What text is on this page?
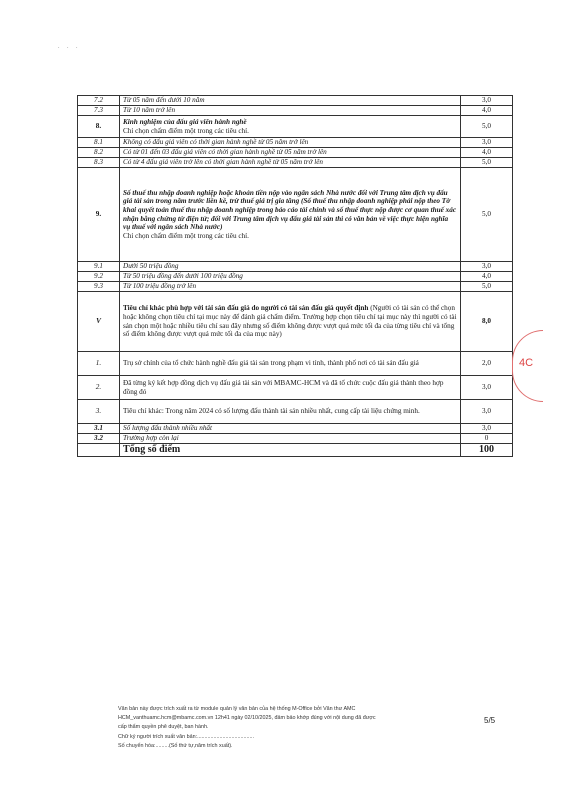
. . .
7.2	Từ 05 năm đến dưới 10 năm	3,0
7.3	Từ 10 năm trở lên	4,0
8.	Kinh nghiệm của đấu giá viên hành nghề
Chỉ chọn chấm điểm một trong các tiêu chí.	5,0
8.1	Không có đấu giá viên có thời gian hành nghề từ 05 năm trở lên	3,0
8.2	Có từ 01 đến 03 đấu giá viên có thời gian hành nghề từ 05 năm trở lên	4,0
8.3	Có từ 4 đấu giá viên trở lên có thời gian hành nghề từ 05 năm trở lên	5,0
9.	Số thuế thu nhập doanh nghiệp hoặc khoản tiền nộp vào ngân sách Nhà nước đối với Trung tâm dịch vụ đấu giá tài sản trong năm trước liền kề, trừ thuế giá trị gia tăng (Số thuế thu nhập doanh nghiệp phải nộp theo Tờ khai quyết toán thuế thu nhập doanh nghiệp trong báo cáo tài chính và số thuế thực nộp được cơ quan thuế xác nhận bằng chứng từ điện tử; đối với Trung tâm dịch vụ đấu giá tài sản thì có văn bản về việc thực hiện nghĩa vụ thuế với ngân sách Nhà nước)
Chỉ chọn chấm điểm một trong các tiêu chí.	5,0
9.1	Dưới 50 triệu đồng	3,0
9.2	Từ 50 triệu đồng đến dưới 100 triệu đồng	4,0
9.3	Từ 100 triệu đồng trở lên	5,0
V	Tiêu chí khác phù hợp với tài sản đấu giá do người có tài sản đấu giá quyết định (Người có tài sản có thể chọn hoặc không chọn tiêu chí tại mục này để đánh giá chấm điểm. Trường hợp chọn tiêu chí tại mục này thì người có tài sản chọn một hoặc nhiều tiêu chí sau đây nhưng số điểm không được vượt quá mức tối đa của từng tiêu chí và tổng số điểm không được vượt quá mức tối đa của mục này)	8,0
1.	Trụ sở chính của tổ chức hành nghề đấu giá tài sản trong phạm vi tỉnh, thành phố nơi có tài sản đấu giá	2,0
2.	Đã từng ký kết hợp đồng dịch vụ đấu giá tài sản với MBAMC-HCM và đã tổ chức cuộc đấu giá thành theo hợp đồng đó	3,0
3.	Tiêu chí khác: Trong năm 2024 có số lượng đấu thành tài sản nhiều nhất, cung cấp tài liệu chứng minh.	3,0
3.1	Số lượng đấu thành nhiều nhất	3,0
3.2	Trường hợp còn lại	0
	Tổng số điểm	100
4C
Văn bản này được trích xuất ra từ module quản lý văn bản của hệ thống M-Office bởi Văn thư AMC
HCM_vanthuamc.hcm@mbamc.com.vn 12h41 ngày 02/10/2025, đảm bảo khớp đúng với nội dung đã được
cấp thẩm quyền phê duyệt, ban hành.
Chữ ký người trích xuất văn bản:......................................
Số chuyển hóa:.........(Số thứ tự,năm trích xuất).
5/5
